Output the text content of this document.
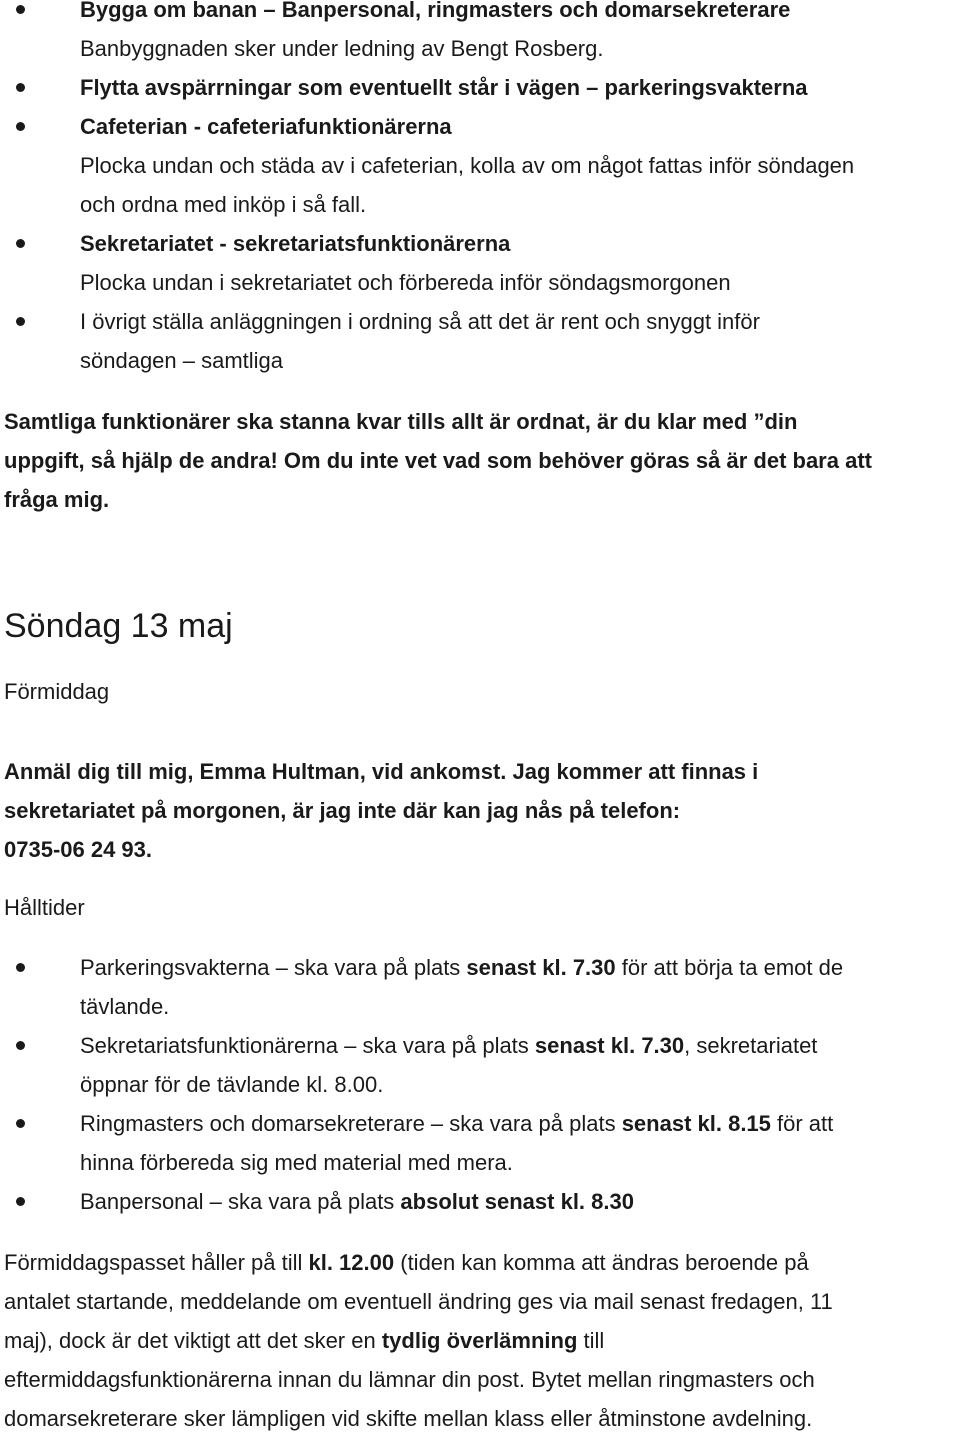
Bygga om banan – Banpersonal, ringmasters och domarsekreterare
Banbyggnaden sker under ledning av Bengt Rosberg.
Flytta avspärrningar som eventuellt står i vägen – parkeringsvakterna
Cafeterian - cafeteriafunktionärerna
Plocka undan och städa av i cafeterian, kolla av om något fattas inför söndagen
och ordna med inköp i så fall.
Sekretariatet - sekretariatsfunktionärerna
Plocka undan i sekretariatet och förbereda inför söndagsmorgonen
I övrigt ställa anläggningen i ordning så att det är rent och snyggt inför
söndagen – samtliga
Samtliga funktionärer ska stanna kvar tills allt är ordnat, är du klar med ”din
uppgift, så hjälp de andra! Om du inte vet vad som behöver göras så är det bara att
fråga mig.
Söndag 13 maj
Förmiddag
Anmäl dig till mig, Emma Hultman, vid ankomst. Jag kommer att finnas i
sekretariatet på morgonen, är jag inte där kan jag nås på telefon:
0735-06 24 93.
Hålltider
Parkeringsvakterna – ska vara på plats senast kl. 7.30 för att börja ta emot de
tävlande.
Sekretariatsfunktionärerna – ska vara på plats senast kl. 7.30, sekretariatet
öppnar för de tävlande kl. 8.00.
Ringmasters och domarsekreterare – ska vara på plats senast kl. 8.15 för att
hinna förbereda sig med material med mera.
Banpersonal – ska vara på plats absolut senast kl. 8.30
Förmiddagspasset håller på till kl. 12.00 (tiden kan komma att ändras beroende på
antalet startande, meddelande om eventuell ändring ges via mail senast fredagen, 11
maj), dock är det viktigt att det sker en tydlig överlämning till
eftermiddagsfunktionärerna innan du lämnar din post. Bytet mellan ringmasters och
domarsekreterare sker lämpligen vid skifte mellan klass eller åtminstone avdelning.
